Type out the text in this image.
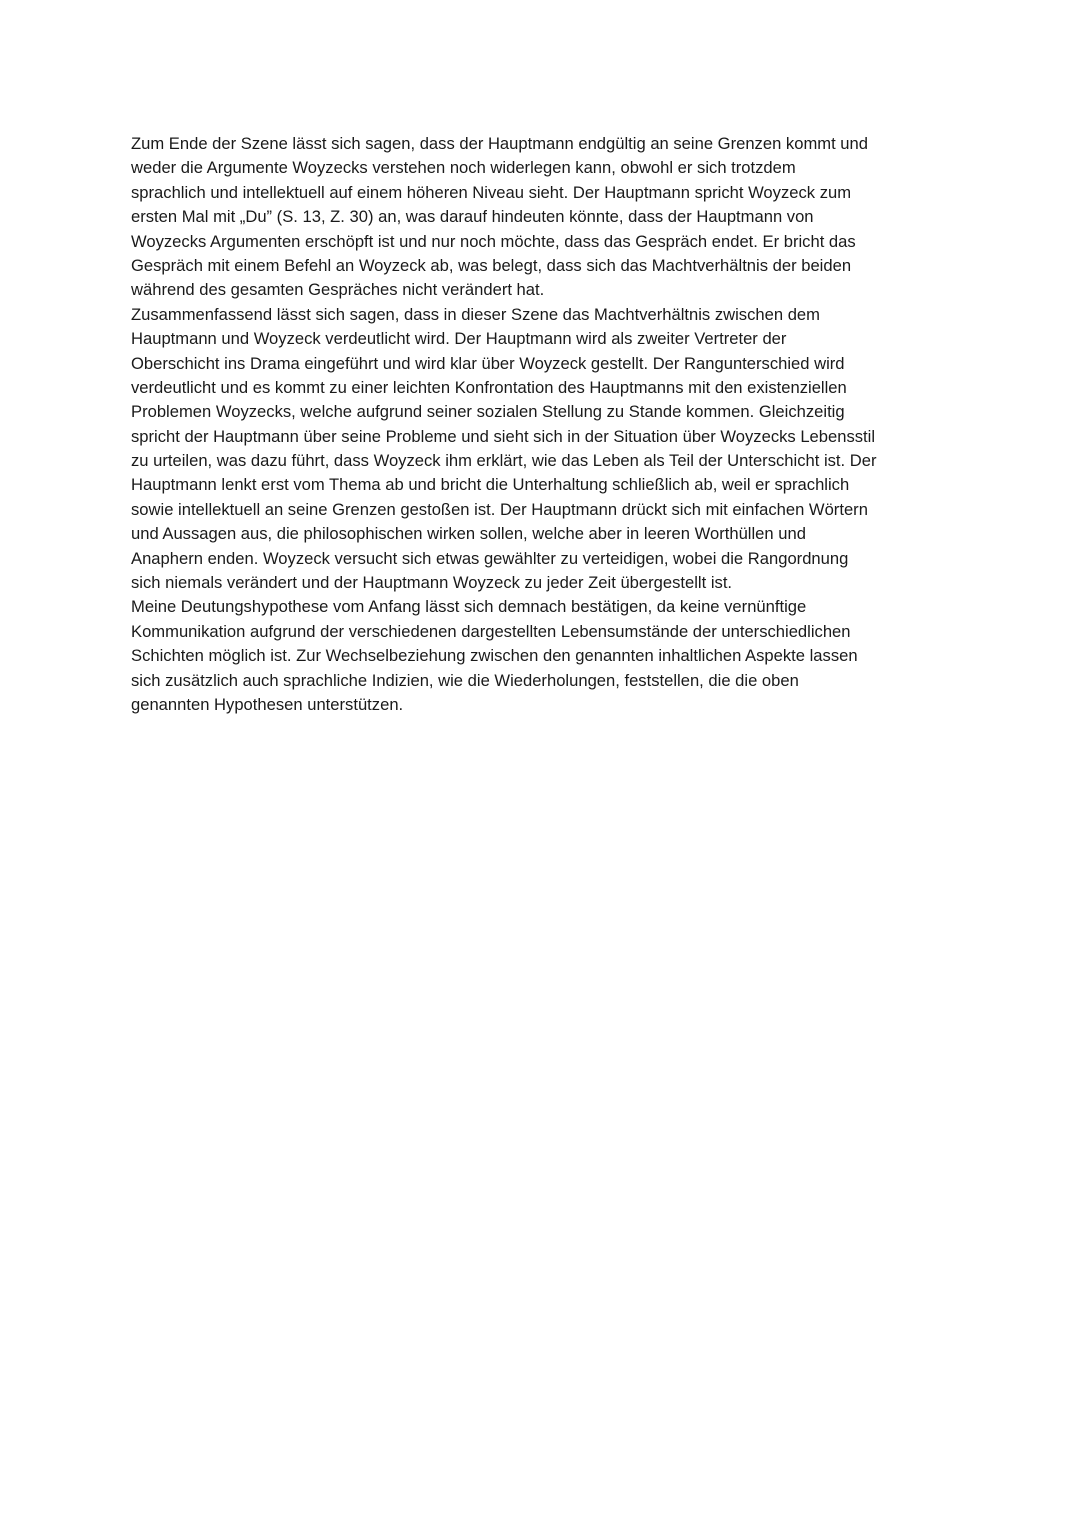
Zum Ende der Szene lässt sich sagen, dass der Hauptmann endgültig an seine Grenzen kommt und
weder die Argumente Woyzecks verstehen noch widerlegen kann, obwohl er sich trotzdem
sprachlich und intellektuell auf einem höheren Niveau sieht. Der Hauptmann spricht Woyzeck zum
ersten Mal mit „Du” (S. 13, Z. 30) an, was darauf hindeuten könnte, dass der Hauptmann von
Woyzecks Argumenten erschöpft ist und nur noch möchte, dass das Gespräch endet. Er bricht das
Gespräch mit einem Befehl an Woyzeck ab, was belegt, dass sich das Machtverhältnis der beiden
während des gesamten Gespräches nicht verändert hat.
Zusammenfassend lässt sich sagen, dass in dieser Szene das Machtverhältnis zwischen dem
Hauptmann und Woyzeck verdeutlicht wird. Der Hauptmann wird als zweiter Vertreter der
Oberschicht ins Drama eingeführt und wird klar über Woyzeck gestellt. Der Rangunterschied wird
verdeutlicht und es kommt zu einer leichten Konfrontation des Hauptmanns mit den existenziellen
Problemen Woyzecks, welche aufgrund seiner sozialen Stellung zu Stande kommen. Gleichzeitig
spricht der Hauptmann über seine Probleme und sieht sich in der Situation über Woyzecks Lebensstil
zu urteilen, was dazu führt, dass Woyzeck ihm erklärt, wie das Leben als Teil der Unterschicht ist. Der
Hauptmann lenkt erst vom Thema ab und bricht die Unterhaltung schließlich ab, weil er sprachlich
sowie intellektuell an seine Grenzen gestoßen ist. Der Hauptmann drückt sich mit einfachen Wörtern
und Aussagen aus, die philosophischen wirken sollen, welche aber in leeren Worthüllen und
Anaphern enden. Woyzeck versucht sich etwas gewählter zu verteidigen, wobei die Rangordnung
sich niemals verändert und der Hauptmann Woyzeck zu jeder Zeit übergestellt ist.
Meine Deutungshypothese vom Anfang lässt sich demnach bestätigen, da keine vernünftige
Kommunikation aufgrund der verschiedenen dargestellten Lebensumstände der unterschiedlichen
Schichten möglich ist. Zur Wechselbeziehung zwischen den genannten inhaltlichen Aspekte lassen
sich zusätzlich auch sprachliche Indizien, wie die Wiederholungen, feststellen, die die oben
genannten Hypothesen unterstützen.
